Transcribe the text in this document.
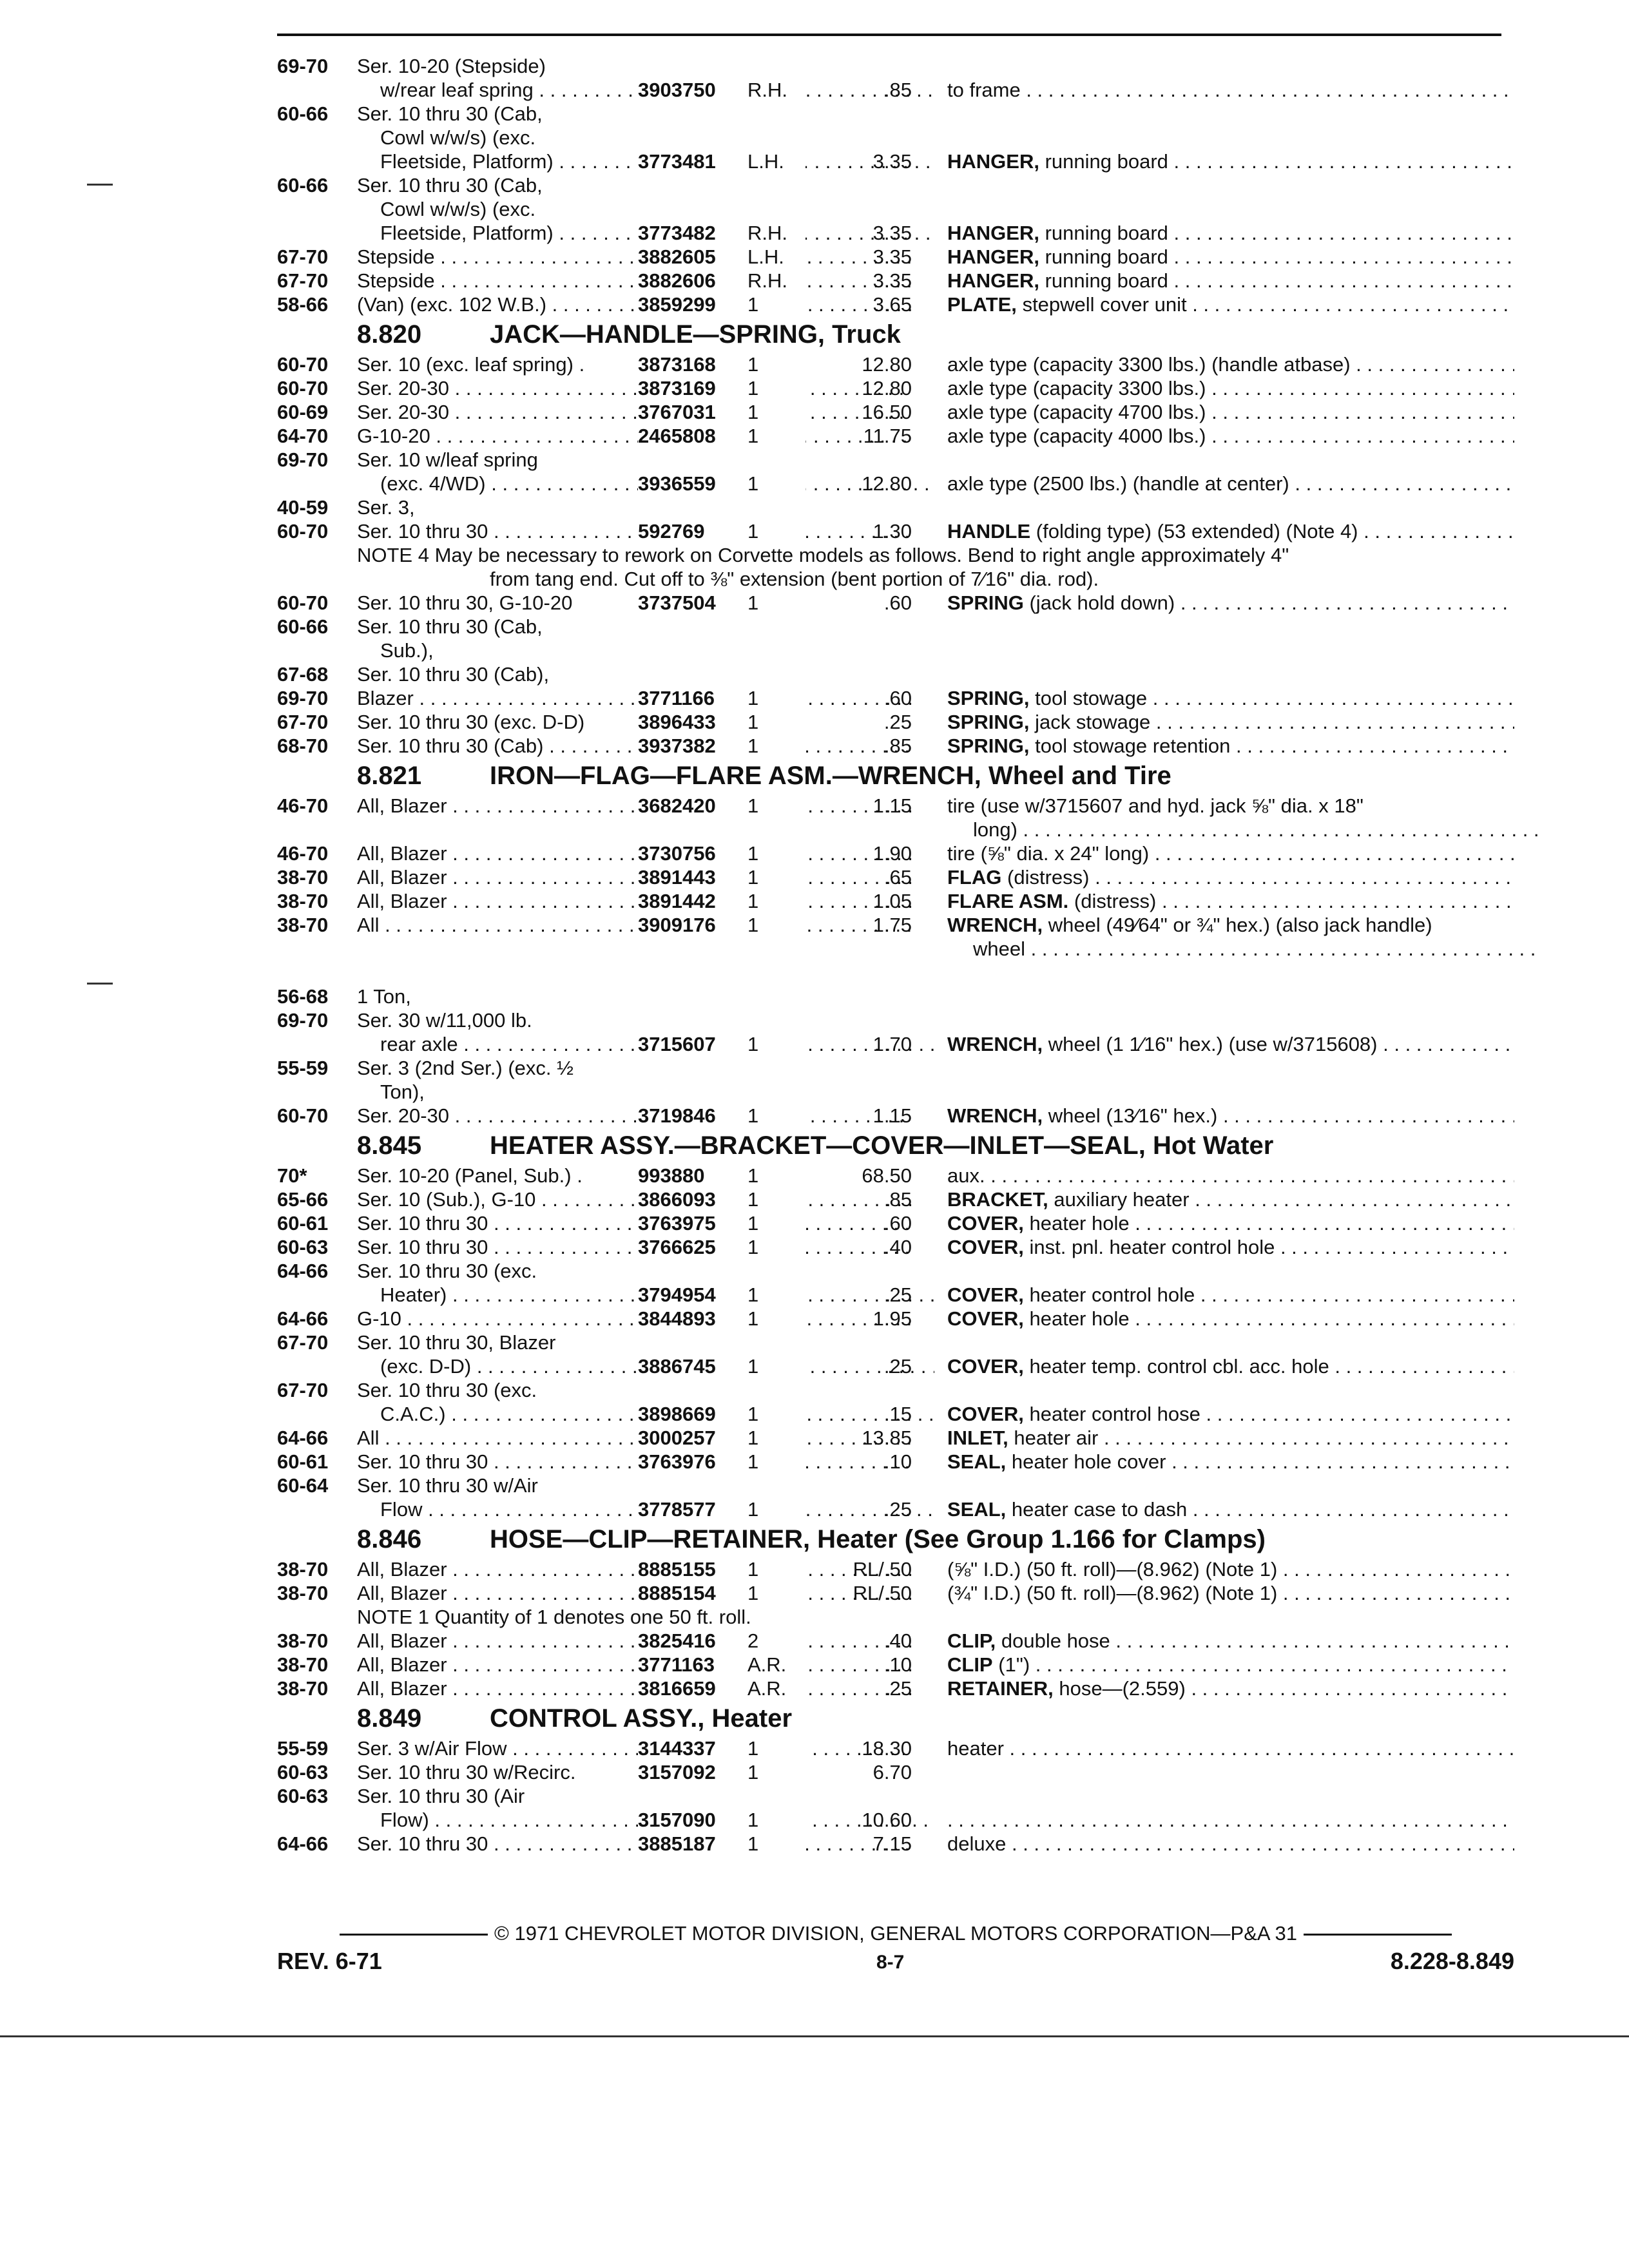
69-70	Ser. 10-20 (Stepside)
w/rear leaf spring . . .	3903750	R.H.	.85 to frame . . .
60-66	Ser. 10 thru 30 (Cab,
Cowl w/w/s) (exc.
Fleetside, Platform) . . .	3773481	L.H.	3.35 HANGER, running board . . .
60-66	Ser. 10 thru 30 (Cab,
Cowl w/w/s) (exc.
Fleetside, Platform) . . .	3773482	R.H.	3.35 HANGER, running board . . .
67-70	Stepside . . .	3882605	L.H.	3.35 HANGER, running board . . .
67-70	Stepside . . .	3882606	R.H.	3.35 HANGER, running board . . .
58-66	(Van) (exc. 102 W.B.) . . .	3859299	1	3.65 PLATE, stepwell cover unit . . .
8.820	JACK—HANDLE—SPRING, Truck
60-70	Ser. 10 (exc. leaf spring) .	3873168	1	12.80 axle type (capacity 3300 lbs.) (handle atbase) . . .
60-70	Ser. 20-30 . . .	3873169	1	12.80 axle type (capacity 3300 lbs.) . . .
60-69	Ser. 20-30 . . .	3767031	1	16.50 axle type (capacity 4700 lbs.) . . .
64-70	G-10-20 . . .	2465808	1	11.75 axle type (capacity 4000 lbs.) . . .
69-70	Ser. 10 w/leaf spring
(exc. 4/WD) . . .	3936559	1	12.80 axle type (2500 lbs.) (handle at center) . . .
40-59	Ser. 3,
60-70	Ser. 10 thru 30 . . .	592769	1	1.30 HANDLE (folding type) (53 extended) (Note 4) . . .
NOTE 4 May be necessary to rework on Corvette models as follows. Bend to right angle approximately 4"
from tang end. Cut off to ⅜" extension (bent portion of 7⁄16" dia. rod).
60-70	Ser. 10 thru 30, G-10-20	3737504	1	.60 SPRING (jack hold down) . . .
60-66	Ser. 10 thru 30 (Cab,
Sub.),
67-68	Ser. 10 thru 30 (Cab),
69-70	Blazer . . .	3771166	1	.60 SPRING, tool stowage . . .
67-70	Ser. 10 thru 30 (exc. D-D)	3896433	1	.25 SPRING, jack stowage . . .
68-70	Ser. 10 thru 30 (Cab) . . .	3937382	1	.85 SPRING, tool stowage retention . . .
8.821	IRON—FLAG—FLARE ASM.—WRENCH, Wheel and Tire
46-70	All, Blazer . . .	3682420	1	1.15 tire (use w/3715607 and hyd. jack ⅝" dia. x 18"
long) . . .
46-70	All, Blazer . . .	3730756	1	1.90 tire (⅝" dia. x 24" long) . . .
38-70	All, Blazer . . .	3891443	1	.65 FLAG (distress) . . .
38-70	All, Blazer . . .	3891442	1	1.05 FLARE ASM. (distress) . . .
38-70	All . . .	3909176	1	1.75 WRENCH, wheel (49⁄64" or ¾" hex.) (also jack handle)
wheel . . .
56-68	1 Ton,
69-70	Ser. 30 w/11,000 lb.
rear axle . . .	3715607	1	1.70 WRENCH, wheel (1 1⁄16" hex.) (use w/3715608) . . .
55-59	Ser. 3 (2nd Ser.) (exc. ½
Ton),
60-70	Ser. 20-30 . . .	3719846	1	1.15 WRENCH, wheel (13⁄16" hex.) . . .
8.845	HEATER ASSY.—BRACKET—COVER—INLET—SEAL, Hot Water
70*	Ser. 10-20 (Panel, Sub.) .	993880	1	68.50 aux. . . .
65-66	Ser. 10 (Sub.), G-10 . . .	3866093	1	.85 BRACKET, auxiliary heater . . .
60-61	Ser. 10 thru 30 . . .	3763975	1	.60 COVER, heater hole . . .
60-63	Ser. 10 thru 30 . . .	3766625	1	.40 COVER, inst. pnl. heater control hole . . .
64-66	Ser. 10 thru 30 (exc.
Heater) . . .	3794954	1	.25 COVER, heater control hole . . .
64-66	G-10 . . .	3844893	1	1.95 COVER, heater hole . . .
67-70	Ser. 10 thru 30, Blazer
(exc. D-D) . . .	3886745	1	.25 COVER, heater temp. control cbl. acc. hole . . .
67-70	Ser. 10 thru 30 (exc.
C.A.C.) . . .	3898669	1	.15 COVER, heater control hose . . .
64-66	All . . .	3000257	1	13.85 INLET, heater air . . .
60-61	Ser. 10 thru 30 . . .	3763976	1	.10 SEAL, heater hole cover . . .
60-64	Ser. 10 thru 30 w/Air
Flow . . .	3778577	1	.25 SEAL, heater case to dash . . .
8.846	HOSE—CLIP—RETAINER, Heater (See Group 1.166 for Clamps)
38-70	All, Blazer . . .	8885155	1	RL/.50 (⅝" I.D.) (50 ft. roll)—(8.962) (Note 1) . . .
38-70	All, Blazer . . .	8885154	1	RL/.50 (¾" I.D.) (50 ft. roll)—(8.962) (Note 1) . . .
NOTE 1 Quantity of 1 denotes one 50 ft. roll.
38-70	All, Blazer . . .	3825416	2	.40 CLIP, double hose . . .
38-70	All, Blazer . . .	3771163	A.R.	.10 CLIP (1") . . .
38-70	All, Blazer . . .	3816659	A.R.	.25 RETAINER, hose—(2.559) . . .
8.849	CONTROL ASSY., Heater
55-59	Ser. 3 w/Air Flow . . .	3144337	1	18.30 heater . . .
60-63	Ser. 10 thru 30 w/Recirc.	3157092	1	6.70
60-63	Ser. 10 thru 30 (Air
Flow) . . .	3157090	1	10.60
. . .
64-66	Ser. 10 thru 30 . . .	3885187	1	7.15 deluxe . . .
© 1971 CHEVROLET MOTOR DIVISION, GENERAL MOTORS CORPORATION—P&A 31
REV. 6-71	8-7	8.228-8.849
